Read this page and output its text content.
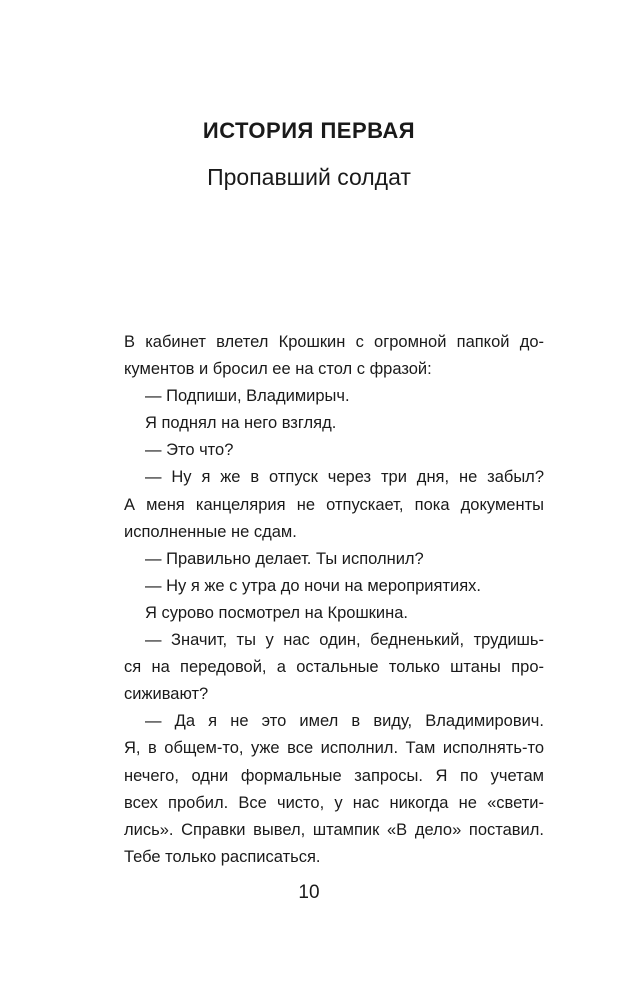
ИСТОРИЯ ПЕРВАЯ
Пропавший солдат
В кабинет влетел Крошкин с огромной папкой до-
кументов и бросил ее на стол с фразой:
— Подпиши, Владимирыч.
Я поднял на него взгляд.
— Это что?
— Ну я же в отпуск через три дня, не забыл?
А меня канцелярия не отпускает, пока документы
исполненные не сдам.
— Правильно делает. Ты исполнил?
— Ну я же с утра до ночи на мероприятиях.
Я сурово посмотрел на Крошкина.
— Значит, ты у нас один, бедненький, трудишь-
ся на передовой, а остальные только штаны про-
сиживают?
— Да я не это имел в виду, Владимирович.
Я, в общем-то, уже все исполнил. Там исполнять-то
нечего, одни формальные запросы. Я по учетам
всех пробил. Все чисто, у нас никогда не «свети-
лись». Справки вывел, штампик «В дело» поставил.
Тебе только расписаться.
10
